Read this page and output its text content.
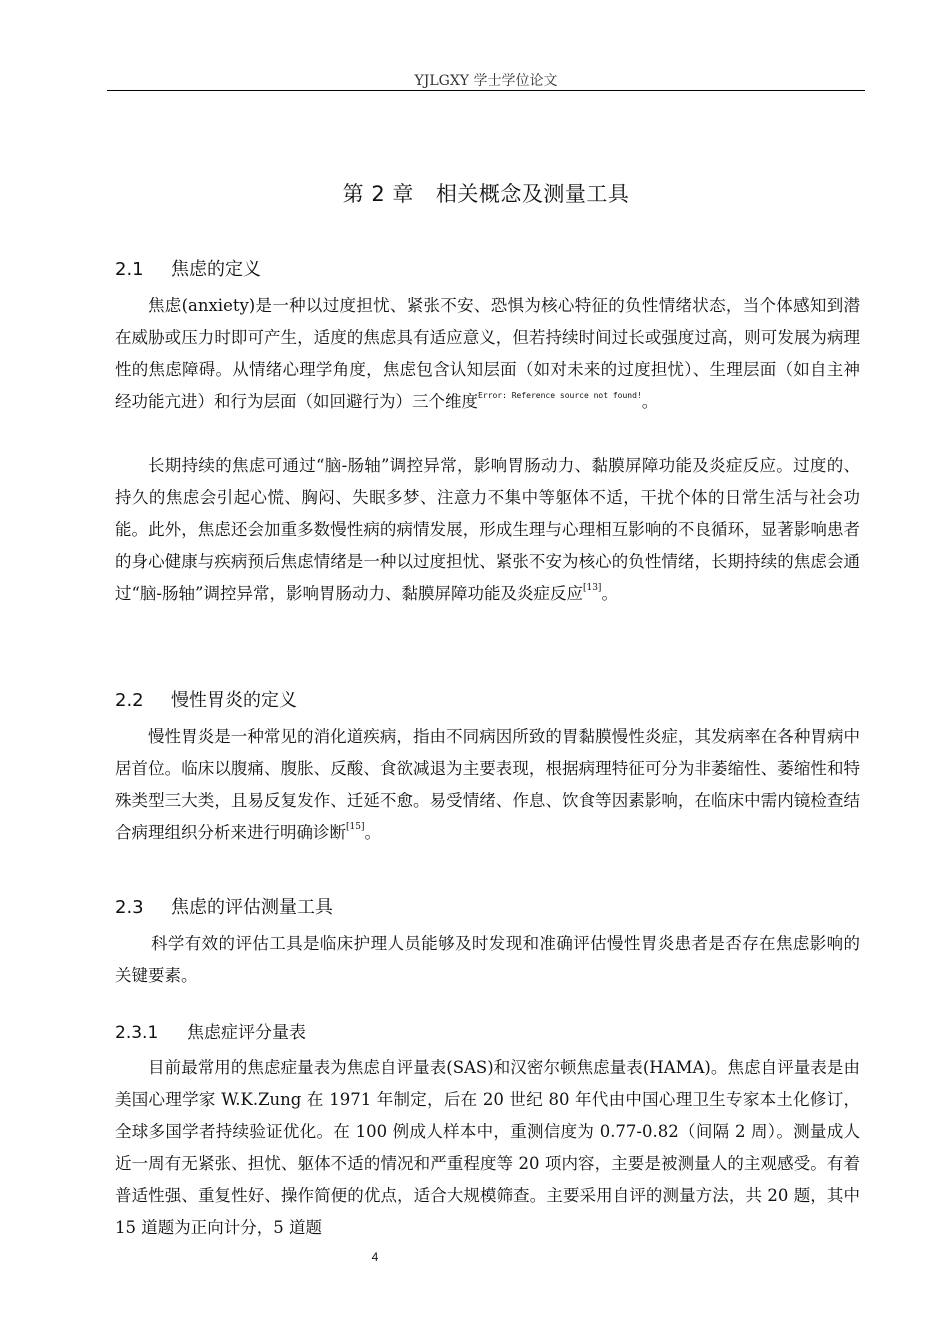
YJLGXY 学士学位论文
第 2 章 相关概念及测量工具
2.1 焦虑的定义

焦虑(anxiety)是一种以过度担忧、紧张不安、恐惧为核心特征的负性情绪状态，当个体感知到潜在威胁或压力时即可产生，适度的焦虑具有适应意义，但若持续时间过长或强度过高，则可发展为病理性的焦虑障碍。从情绪心理学角度，焦虑包含认知层面（如对未来的过度担忧）、生理层面（如自主神经功能亢进）和行为层面（如回避行为）三个维度$^{Error: Reference source not found!}$。

长期持续的焦虑可通过“脑-肠轴”调控异常，影响胃肠动力、黏膜屏障功能及炎症反应。过度的、持久的焦虑会引起心慌、胸闷、失眠多梦、注意力不集中等躯体不适，干扰个体的日常生活与社会功能。此外，焦虑还会加重多数慢性病的病情发展，形成生理与心理相互影响的不良循环，显著影响患者的身心健康与疾病预后焦虑情绪是一种以过度担忧、紧张不安为核心的负性情绪，长期持续的焦虑会通过“脑-肠轴”调控异常，影响胃肠动力、黏膜屏障功能及炎症反应[13]。

2.2 慢性胃炎的定义

慢性胃炎是一种常见的消化道疾病，指由不同病因所致的胃黏膜慢性炎症，其发病率在各种胃病中居首位。临床以腹痛、腹胀、反酸、食欲减退为主要表现，根据病理特征可分为非萎缩性、萎缩性和特殊类型三大类，且易反复发作、迁延不愈。易受情绪、作息、饮食等因素影响，在临床中需内镜检查结合病理组织分析来进行明确诊断[15]。

2.3 焦虑的评估测量工具

科学有效的评估工具是临床护理人员能够及时发现和准确评估慢性胃炎患者是否存在焦虑影响的关键要素。

2.3.1 焦虑症评分量表

目前最常用的焦虑症量表为焦虑自评量表(SAS)和汉密尔顿焦虑量表(HAMA)。焦虑自评量表是由美国心理学家 W.K.Zung 在 1971 年制定，后在 20 世纪 80 年代由中国心理卫生专家本土化修订，全球多国学者持续验证优化。在 100 例成人样本中，重测信度为 0.77-0.82（间隔 2 周）。测量成人近一周有无紧张、担忧、躯体不适的情况和严重程度等 20 项内容，主要是被测量人的主观感受。有着普适性强、重复性好、操作简便的优点，适合大规模筛查。主要采用自评的测量方法，共 20 题，其中 15 道题为正向计分，5 道题

4
